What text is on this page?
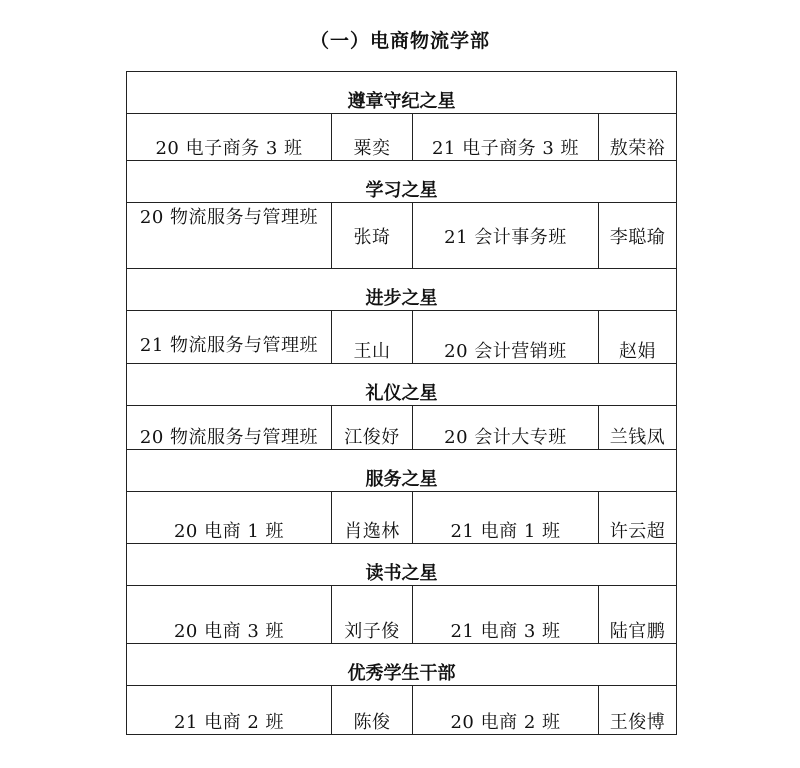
（一）电商物流学部
遵章守纪之星			
20 电子商务 3 班	粟奕	21 电子商务 3 班	敖荣裕
学习之星			
20 物流服务与管理班	张琦	21 会计事务班	李聪瑜
进步之星			
21 物流服务与管理班	王山	20 会计营销班	赵娟
礼仪之星			
20 物流服务与管理班	江俊妤	20 会计大专班	兰钱凤
服务之星			
20 电商 1 班	肖逸林	21 电商 1 班	许云超
读书之星			
20 电商 3 班	刘子俊	21 电商 3 班	陆官鹏
优秀学生干部			
21 电商 2 班	陈俊	20 电商 2 班	王俊博
